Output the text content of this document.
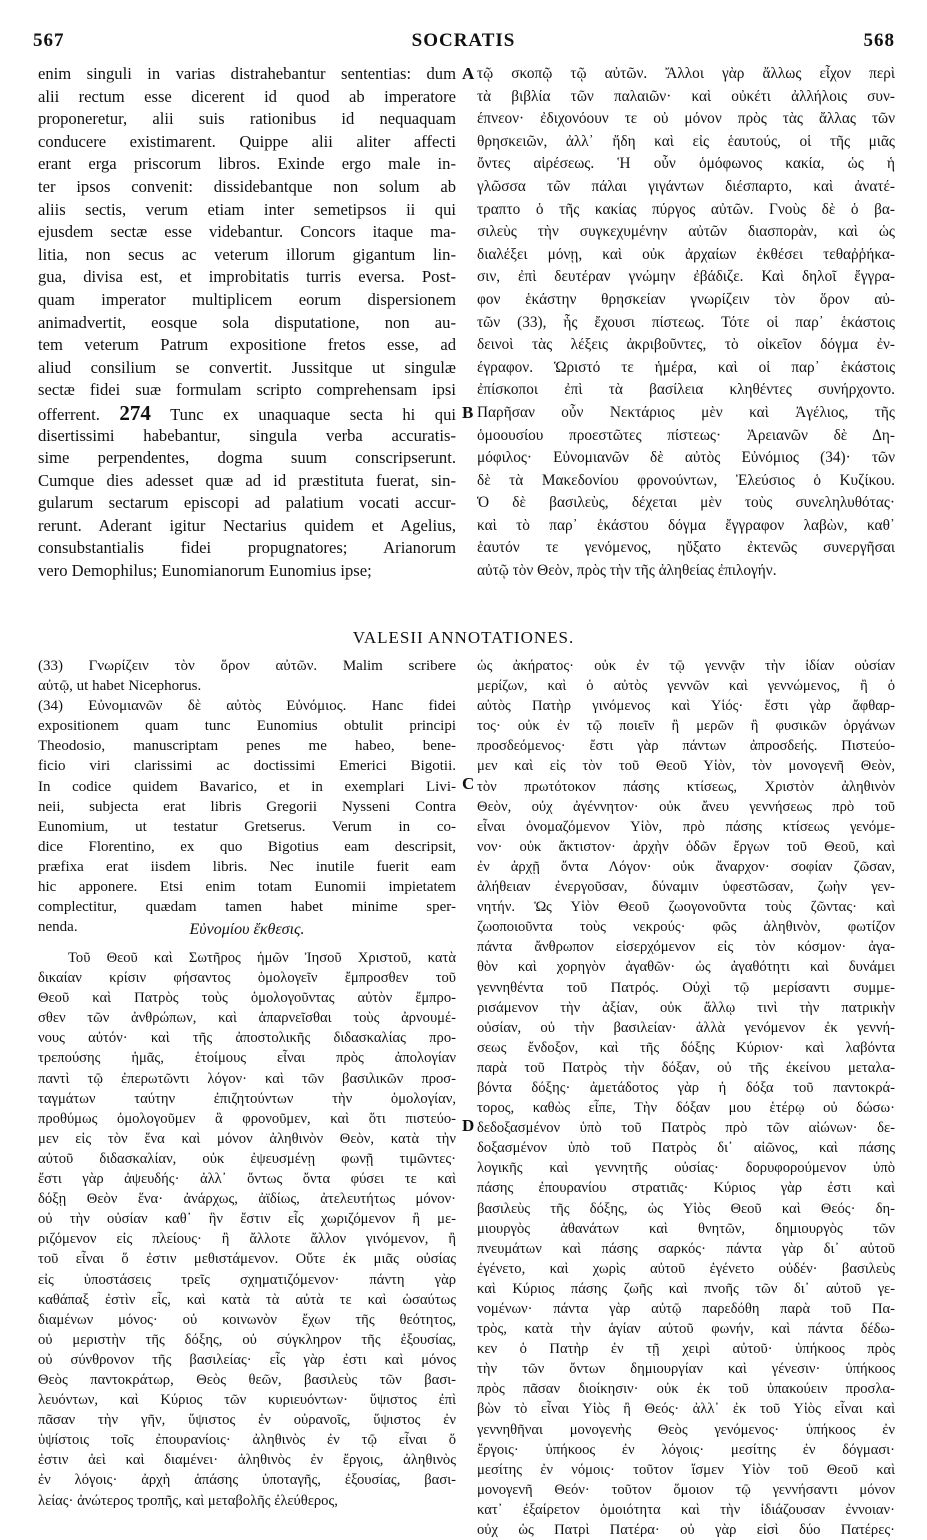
567	SOCRATIS	568
A
B
C
D
enim singuli in varias distrahebantur sententias: dum
alii rectum esse dicerent id quod ab imperatore
proponeretur, alii suis rationibus id nequaquam
conducere existimarent. Quippe alii aliter affecti
erant erga priscorum libros. Exinde ergo male in-
ter ipsos convenit: dissidebantque non solum ab
aliis sectis, verum etiam inter semetipsos ii qui
ejusdem sectæ esse videbantur. Concors itaque ma-
litia, non secus ac veterum illorum gigantum lin-
gua, divisa est, et improbitatis turris eversa. Post-
quam imperator multiplicem eorum dispersionem
animadvertit, eosque sola disputatione, non au-
tem veterum Patrum expositione fretos esse, ad
aliud consilium se convertit. Jussitque ut singulæ
sectæ fidei suæ formulam scripto comprehensam ipsi
offerrent. 274 Tunc ex unaquaque secta hi qui
disertissimi habebantur, singula verba accuratis-
sime perpendentes, dogma suum conscripserunt.
Cumque dies adesset quæ ad id præstituta fuerat, sin-
gularum sectarum episcopi ad palatium vocati accur-
rerunt. Aderant igitur Nectarius quidem et Agelius,
consubstantialis fidei propugnatores; Arianorum
vero Demophilus; Eunomianorum Eunomius ipse;
τῷ σκοπῷ τῷ αὐτῶν. Ἄλλοι γὰρ ἄλλως εἶχον περὶ
τὰ βιβλία τῶν παλαιῶν· καὶ οὐκέτι ἀλλήλοις συν-
έπνεον· ἐδιχονόουν τε οὐ μόνον πρὸς τὰς ἄλλας τῶν
θρησκειῶν, ἀλλ᾽ ἤδη καὶ εἰς ἑαυτούς, οἱ τῆς μιᾶς
ὄντες αἱρέσεως. Ἡ οὖν ὁμόφωνος κακία, ὡς ἡ
γλῶσσα τῶν πάλαι γιγάντων διέσπαρτο, καὶ ἀνατέ-
τραπτο ὁ τῆς κακίας πύργος αὐτῶν. Γνοὺς δὲ ὁ βα-
σιλεὺς τὴν συγκεχυμένην αὐτῶν διασπορὰν, καὶ ὡς
διαλέξει μόνῃ, καὶ οὐκ ἀρχαίων ἐκθέσει τεθαῤῥήκα-
σιν, ἐπὶ δευτέραν γνώμην ἐβάδιζε. Καὶ δηλοῖ ἔγγρα-
φον ἑκάστην θρησκείαν γνωρίζειν τὸν ὅρον αὐ-
τῶν (33), ἧς ἔχουσι πίστεως. Τότε οἱ παρ᾽ ἑκάστοις
δεινοὶ τὰς λέξεις ἀκριβοῦντες, τὸ οἰκεῖον δόγμα ἐν-
έγραφον. Ὡριστό τε ἡμέρα, καὶ οἱ παρ᾽ ἑκάστοις
ἐπίσκοποι ἐπὶ τὰ βασίλεια κληθέντες συνήρχοντο.
Παρῆσαν οὖν Νεκτάριος μὲν καὶ Ἀγέλιος, τῆς
ὁμοουσίου προεστῶτες πίστεως· Ἀρειανῶν δὲ Δη-
μόφιλος· Εὐνομιανῶν δὲ αὐτὸς Εὐνόμιος (34)· τῶν
δὲ τὰ Μακεδονίου φρονούντων, Ἐλεύσιος ὁ Κυζίκου.
Ὁ δὲ βασιλεὺς, δέχεται μὲν τοὺς συνεληλυθότας·
καὶ τὸ παρ᾽ ἑκάστου δόγμα ἔγγραφον λαβὼν, καθ᾽
ἑαυτόν τε γενόμενος, ηὔξατο ἐκτενῶς συνεργῆσαι
αὐτῷ τὸν Θεὸν, πρὸς τὴν τῆς ἀληθείας ἐπιλογήν.
VALESII ANNOTATIONES.
(33) Γνωρίζειν τὸν ὅρον αὐτῶν. Malim scribere
αὐτῷ, ut habet Nicephorus.
(34) Εὐνομιανῶν δὲ αὐτὸς Εὐνόμιος. Hanc fidei
expositionem quam tunc Eunomius obtulit principi
Theodosio, manuscriptam penes me habeo, bene-
ficio viri clarissimi ac doctissimi Emerici Bigotii.
In codice quidem Bavarico, et in exemplari Livi-
neii, subjecta erat libris Gregorii Nysseni Contra
Eunomium, ut testatur Gretserus. Verum in co-
dice Florentino, ex quo Bigotius eam descripsit,
præfixa erat iisdem libris. Nec inutile fuerit eam
hic apponere. Etsi enim totam Eunomii impietatem
complectitur, quædam tamen habet minime sper-
nenda.	Εὐνομίου ἔκθεσις.
Τοῦ Θεοῦ καὶ Σωτῆρος ἡμῶν Ἰησοῦ Χριστοῦ, κατὰ
δικαίαν κρίσιν φήσαντος ὁμολογεῖν ἔμπροσθεν τοῦ
Θεοῦ καὶ Πατρὸς τοὺς ὁμολογοῦντας αὐτὸν ἔμπρο-
σθεν τῶν ἀνθρώπων, καὶ ἀπαρνεῖσθαι τοὺς ἀρνουμέ-
νους αὐτόν· καὶ τῆς ἀποστολικῆς διδασκαλίας προ-
τρεπούσης ἡμᾶς, ἑτοίμους εἶναι πρὸς ἀπολογίαν
παντὶ τῷ ἐπερωτῶντι λόγον· καὶ τῶν βασιλικῶν προσ-
ταγμάτων ταύτην ἐπιζητούντων τὴν ὁμολογίαν,
προθύμως ὁμολογοῦμεν ἃ φρονοῦμεν, καὶ ὅτι πιστεύο-
μεν εἰς τὸν ἕνα καὶ μόνον ἀληθινὸν Θεὸν, κατὰ τὴν
αὐτοῦ διδασκαλίαν, οὐκ ἐψευσμένῃ φωνῇ τιμῶντες·
ἔστι γὰρ ἀψευδής· ἀλλ᾽ ὄντως ὄντα φύσει τε καὶ
δόξῃ Θεὸν ἕνα· ἀνάρχως, ἀϊδίως, ἀτελευτήτως μόνον·
οὐ τὴν οὐσίαν καθ᾽ ἣν ἔστιν εἷς χωριζόμενον ἢ με-
ριζόμενον εἰς πλείους· ἢ ἄλλοτε ἄλλον γινόμενον, ἢ
τοῦ εἶναι ὅ ἐστιν μεθιστάμενον. Οὔτε ἐκ μιᾶς οὐσίας
εἰς ὑποστάσεις τρεῖς σχηματιζόμενον· πάντη γὰρ
καθάπαξ ἐστὶν εἷς, καὶ κατὰ τὰ αὐτὰ τε καὶ ὡσαύτως
διαμένων μόνος· οὐ κοινωνὸν ἔχων τῆς θεότητος,
οὐ μεριστὴν τῆς δόξης, οὐ σύγκληρον τῆς ἐξουσίας,
οὐ σύνθρονον τῆς βασιλείας· εἷς γὰρ ἐστι καὶ μόνος
Θεὸς παντοκράτωρ, Θεὸς θεῶν, βασιλεὺς τῶν βασι-
λευόντων, καὶ Κύριος τῶν κυριευόντων· ὕψιστος ἐπὶ
πᾶσαν τὴν γῆν, ὕψιστος ἐν οὐρανοῖς, ὕψιστος ἐν
ὑψίστοις τοῖς ἐπουρανίοις· ἀληθινὸς ἐν τῷ εἶναι ὅ
ἐστιν ἀεὶ καὶ διαμένει· ἀληθινὸς ἐν ἔργοις, ἀληθινὸς
ἐν λόγοις· ἀρχὴ ἁπάσης ὑποταγῆς, ἐξουσίας, βασι-
λείας· ἀνώτερος τροπῆς, καὶ μεταβολῆς ἐλεύθερος,
ὡς ἀκήρατος· οὐκ ἐν τῷ γεννᾷν τὴν ἰδίαν οὐσίαν
μερίζων, καὶ ὁ αὐτὸς γεννῶν καὶ γεννώμενος, ἢ ὁ
αὐτὸς Πατὴρ γινόμενος καὶ Υἱός· ἔστι γὰρ ἄφθαρ-
τος· οὐκ ἐν τῷ ποιεῖν ἢ μερῶν ἢ φυσικῶν ὀργάνων
προσδεόμενος· ἔστι γὰρ πάντων ἀπροσδεής. Πιστεύο-
μεν καὶ εἰς τὸν τοῦ Θεοῦ Υἱὸν, τὸν μονογενῆ Θεὸν,
τὸν πρωτότοκον πάσης κτίσεως, Χριστὸν ἀληθινὸν
Θεὸν, οὐχ ἀγέννητον· οὐκ ἄνευ γεννήσεως πρὸ τοῦ
εἶναι ὀνομαζόμενον Υἱὸν, πρὸ πάσης κτίσεως γενόμε-
νον· οὐκ ἄκτιστον· ἀρχὴν ὁδῶν ἔργων τοῦ Θεοῦ, καὶ
ἐν ἀρχῇ ὄντα Λόγον· οὐκ ἄναρχον· σοφίαν ζῶσαν,
ἀλήθειαν ἐνεργοῦσαν, δύναμιν ὑφεστῶσαν, ζωὴν γεν-
νητήν. Ὡς Υἱὸν Θεοῦ ζωογονοῦντα τοὺς ζῶντας· καὶ
ζωοποιοῦντα τοὺς νεκρούς· φῶς ἀληθινὸν, φωτίζον
πάντα ἄνθρωπον εἰσερχόμενον εἰς τὸν κόσμον· ἀγα-
θὸν καὶ χορηγὸν ἀγαθῶν· ὡς ἀγαθότητι καὶ δυνάμει
γεννηθέντα τοῦ Πατρός. Οὐχὶ τῷ μερίσαντι συμμε-
ρισάμενον τὴν ἀξίαν, οὐκ ἄλλῳ τινὶ τὴν πατρικὴν
οὐσίαν, οὐ τὴν βασιλείαν· ἀλλὰ γενόμενον ἐκ γεννή-
σεως ἔνδοξον, καὶ τῆς δόξης Κύριον· καὶ λαβόντα
παρὰ τοῦ Πατρὸς τὴν δόξαν, οὐ τῆς ἐκείνου μεταλα-
βόντα δόξης· ἀμετάδοτος γὰρ ἡ δόξα τοῦ παντοκρά-
τορος, καθὼς εἶπε, Τὴν δόξαν μου ἑτέρῳ οὐ δώσω·
δεδοξασμένον ὑπὸ τοῦ Πατρὸς πρὸ τῶν αἰώνων· δε-
δοξασμένον ὑπὸ τοῦ Πατρὸς δι᾽ αἰῶνος, καὶ πάσης
λογικῆς καὶ γεννητῆς οὐσίας· δορυφορούμενον ὑπὸ
πάσης ἐπουρανίου στρατιᾶς· Κύριος γὰρ ἐστι καὶ
βασιλεὺς τῆς δόξης, ὡς Υἱὸς Θεοῦ καὶ Θεός· δη-
μιουργὸς ἀθανάτων καὶ θνητῶν, δημιουργὸς τῶν
πνευμάτων καὶ πάσης σαρκός· πάντα γὰρ δι᾽ αὐτοῦ
ἐγένετο, καὶ χωρὶς αὐτοῦ ἐγένετο οὐδέν· βασιλεὺς
καὶ Κύριος πάσης ζωῆς καὶ πνοῆς τῶν δι᾽ αὐτοῦ γε-
νομένων· πάντα γὰρ αὐτῷ παρεδόθη παρὰ τοῦ Πα-
τρὸς, κατὰ τὴν ἁγίαν αὐτοῦ φωνήν, καὶ πάντα δέδω-
κεν ὁ Πατὴρ ἐν τῇ χειρὶ αὐτοῦ· ὑπήκοος πρὸς
τὴν τῶν ὄντων δημιουργίαν καὶ γένεσιν· ὑπήκοος
πρὸς πᾶσαν διοίκησιν· οὐκ ἐκ τοῦ ὑπακούειν προσλα-
βὼν τὸ εἶναι Υἱὸς ἢ Θεός· ἀλλ᾽ ἐκ τοῦ Υἱὸς εἶναι καὶ
γεννηθῆναι μονογενὴς Θεὸς γενόμενος· ὑπήκοος ἐν
ἔργοις· ὑπήκοος ἐν λόγοις· μεσίτης ἐν δόγμασι·
μεσίτης ἐν νόμοις· τοῦτον ἴσμεν Υἱὸν τοῦ Θεοῦ καὶ
μονογενῆ Θεόν· τοῦτον ὅμοιον τῷ γεννήσαντι μόνον
κατ᾽ ἐξαίρετον ὁμοιότητα καὶ τὴν ἰδιάζουσαν ἐννοιαν·
οὐχ ὡς Πατρὶ Πατέρα· οὐ γὰρ εἰσὶ δύο Πατέρες·
